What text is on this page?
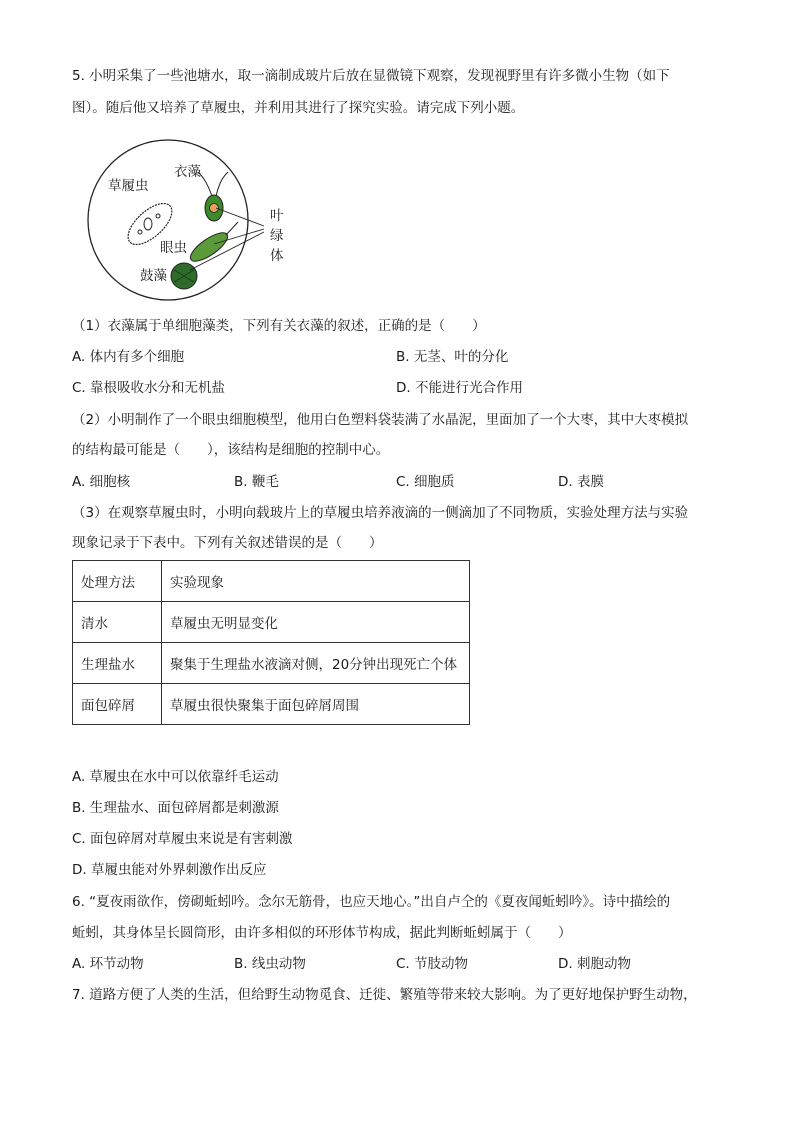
5. 小明采集了一些池塘水，取一滴制成玻片后放在显微镜下观察，发现视野里有许多微小生物（如下
图）。随后他又培养了草履虫，并利用其进行了探究实验。请完成下列小题。
草履虫
衣藻
眼虫
鼓藻
叶
绿
体
（1）衣藻属于单细胞藻类，下列有关衣藻的叙述，正确的是（　　）
A. 体内有多个细胞	B. 无茎、叶的分化
C. 靠根吸收水分和无机盐	D. 不能进行光合作用
（2）小明制作了一个眼虫细胞模型，他用白色塑料袋装满了水晶泥，里面加了一个大枣，其中大枣模拟
的结构最可能是（　　），该结构是细胞的控制中心。
A. 细胞核	B. 鞭毛	C. 细胞质	D. 表膜
（3）在观察草履虫时，小明向载玻片上的草履虫培养液滴的一侧滴加了不同物质，实验处理方法与实验
现象记录于下表中。下列有关叙述错误的是（　　）
处理方法	实验现象
清水	草履虫无明显变化
生理盐水	聚集于生理盐水液滴对侧，20分钟出现死亡个体
面包碎屑	草履虫很快聚集于面包碎屑周围
A. 草履虫在水中可以依靠纤毛运动
B. 生理盐水、面包碎屑都是刺激源
C. 面包碎屑对草履虫来说是有害刺激
D. 草履虫能对外界刺激作出反应
6. “夏夜雨欲作，傍砌蚯蚓吟。念尔无筋骨，也应天地心。”出自卢仝的《夏夜闻蚯蚓吟》。诗中描绘的
蚯蚓，其身体呈长圆筒形，由许多相似的环形体节构成，据此判断蚯蚓属于（　　）
A. 环节动物	B. 线虫动物	C. 节肢动物	D. 刺胞动物
7. 道路方便了人类的生活，但给野生动物觅食、迁徙、繁殖等带来较大影响。为了更好地保护野生动物，
